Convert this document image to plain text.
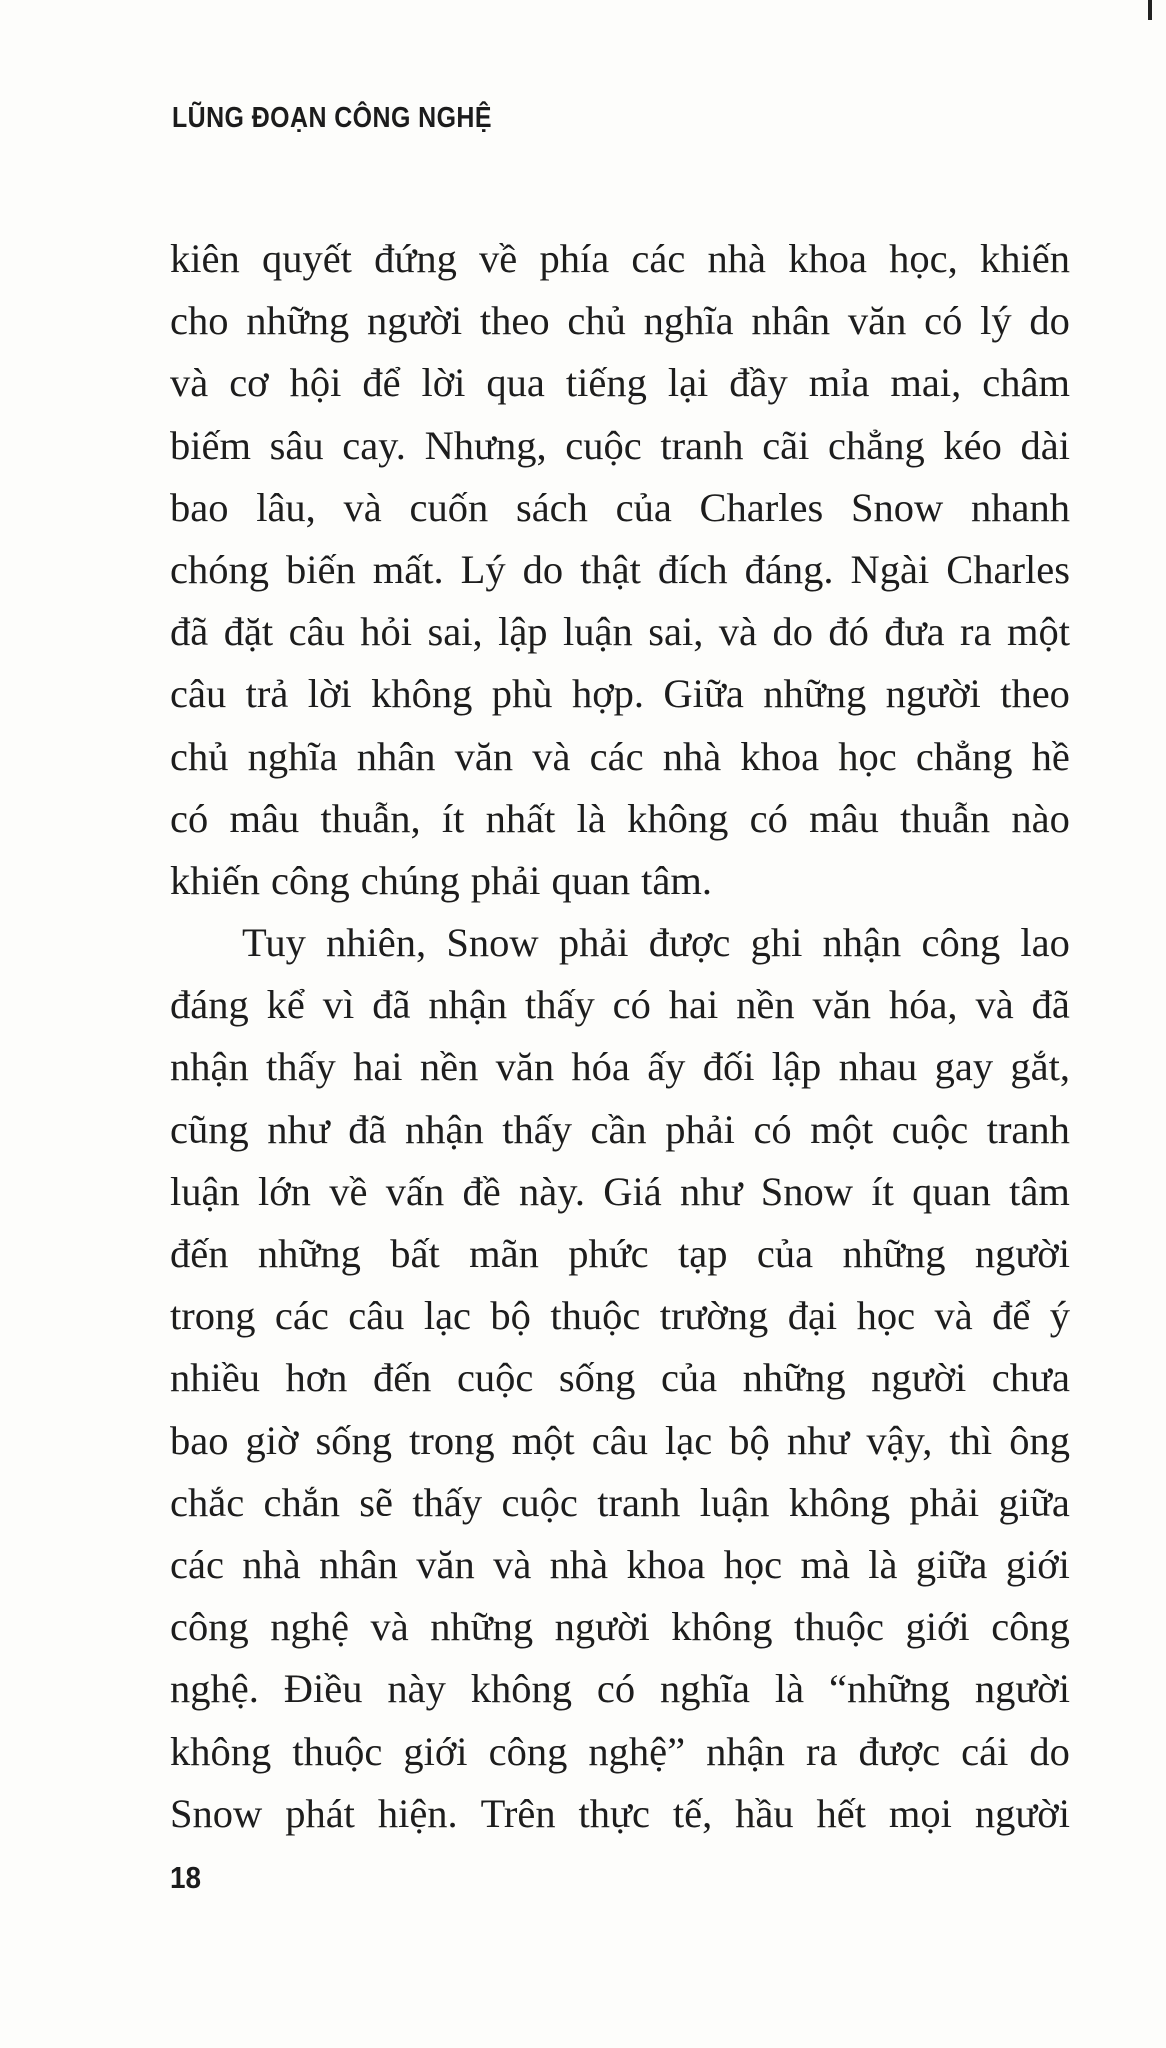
LŨNG ĐOẠN CÔNG NGHỆ
kiên quyết đứng về phía các nhà khoa học, khiến
cho những người theo chủ nghĩa nhân văn có lý do
và cơ hội để lời qua tiếng lại đầy mỉa mai, châm
biếm sâu cay. Nhưng, cuộc tranh cãi chẳng kéo dài
bao lâu, và cuốn sách của Charles Snow nhanh
chóng biến mất. Lý do thật đích đáng. Ngài Charles
đã đặt câu hỏi sai, lập luận sai, và do đó đưa ra một
câu trả lời không phù hợp. Giữa những người theo
chủ nghĩa nhân văn và các nhà khoa học chẳng hề
có mâu thuẫn, ít nhất là không có mâu thuẫn nào
khiến công chúng phải quan tâm.
Tuy nhiên, Snow phải được ghi nhận công lao
đáng kể vì đã nhận thấy có hai nền văn hóa, và đã
nhận thấy hai nền văn hóa ấy đối lập nhau gay gắt,
cũng như đã nhận thấy cần phải có một cuộc tranh
luận lớn về vấn đề này. Giá như Snow ít quan tâm
đến những bất mãn phức tạp của những người
trong các câu lạc bộ thuộc trường đại học và để ý
nhiều hơn đến cuộc sống của những người chưa
bao giờ sống trong một câu lạc bộ như vậy, thì ông
chắc chắn sẽ thấy cuộc tranh luận không phải giữa
các nhà nhân văn và nhà khoa học mà là giữa giới
công nghệ và những người không thuộc giới công
nghệ. Điều này không có nghĩa là “những người
không thuộc giới công nghệ” nhận ra được cái do
Snow phát hiện. Trên thực tế, hầu hết mọi người
18
